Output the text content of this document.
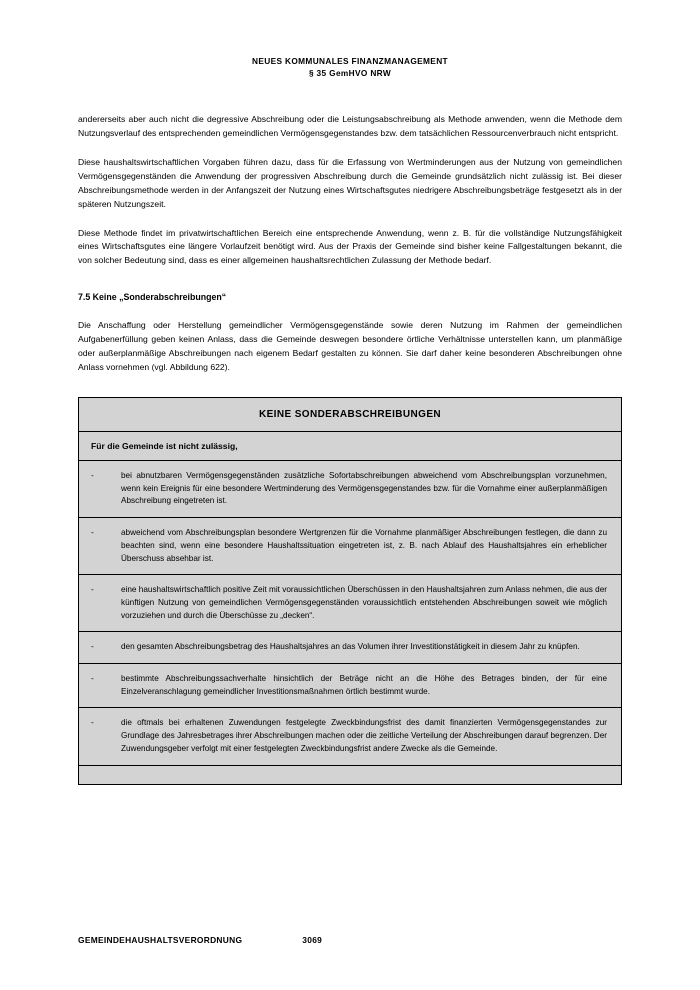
NEUES KOMMUNALES FINANZMANAGEMENT
§ 35 GemHVO NRW

andererseits aber auch nicht die degressive Abschreibung oder die Leistungsabschreibung als Methode anwenden, wenn die Methode dem Nutzungsverlauf des entsprechenden gemeindlichen Vermögensgegenstandes bzw. dem tatsächlichen Ressourcenverbrauch nicht entspricht.

Diese haushaltswirtschaftlichen Vorgaben führen dazu, dass für die Erfassung von Wertminderungen aus der Nutzung von gemeindlichen Vermögensgegenständen die Anwendung der progressiven Abschreibung durch die Gemeinde grundsätzlich nicht zulässig ist. Bei dieser Abschreibungsmethode werden in der Anfangszeit der Nutzung eines Wirtschaftsgutes niedrigere Abschreibungsbeträge festgesetzt als in der späteren Nutzungszeit.

Diese Methode findet im privatwirtschaftlichen Bereich eine entsprechende Anwendung, wenn z. B. für die vollständige Nutzungsfähigkeit eines Wirtschaftsgutes eine längere Vorlaufzeit benötigt wird. Aus der Praxis der Gemeinde sind bisher keine Fallgestaltungen bekannt, die von solcher Bedeutung sind, dass es einer allgemeinen haushaltsrechtlichen Zulassung der Methode bedarf.

7.5 Keine „Sonderabschreibungen“

Die Anschaffung oder Herstellung gemeindlicher Vermögensgegenstände sowie deren Nutzung im Rahmen der gemeindlichen Aufgabenerfüllung geben keinen Anlass, dass die Gemeinde deswegen besondere örtliche Verhältnisse unterstellen kann, um planmäßige oder außerplanmäßige Abschreibungen nach eigenem Bedarf gestalten zu können. Sie darf daher keine besonderen Abschreibungen ohne Anlass vornehmen (vgl. Abbildung 622).

KEINE SONDERABSCHREIBUNGEN
Für die Gemeinde ist nicht zulässig,
-	bei abnutzbaren Vermögensgegenständen zusätzliche Sofortabschreibungen abweichend vom Abschreibungsplan vorzunehmen, wenn kein Ereignis für eine besondere Wertminderung des Vermögensgegenstandes bzw. für die Vornahme einer außerplanmäßigen Abschreibung eingetreten ist.
-	abweichend vom Abschreibungsplan besondere Wertgrenzen für die Vornahme planmäßiger Abschreibungen festlegen, die dann zu beachten sind, wenn eine besondere Haushaltssituation eingetreten ist, z. B. nach Ablauf des Haushaltsjahres ein erheblicher Überschuss absehbar ist.
-	eine haushaltswirtschaftlich positive Zeit mit voraussichtlichen Überschüssen in den Haushaltsjahren zum Anlass nehmen, die aus der künftigen Nutzung von gemeindlichen Vermögensgegenständen voraussichtlich entstehenden Abschreibungen soweit wie möglich vorzuziehen und durch die Überschüsse zu „decken“.
-	den gesamten Abschreibungsbetrag des Haushaltsjahres an das Volumen ihrer Investitionstätigkeit in diesem Jahr zu knüpfen.
-	bestimmte Abschreibungssachverhalte hinsichtlich der Beträge nicht an die Höhe des Betrages binden, der für eine Einzelveranschlagung gemeindlicher Investitionsmaßnahmen örtlich bestimmt wurde.
-	die oftmals bei erhaltenen Zuwendungen festgelegte Zweckbindungsfrist des damit finanzierten Vermögensgegenstandes zur Grundlage des Jahresbetrages ihrer Abschreibungen machen oder die zeitliche Verteilung der Abschreibungen darauf begrenzen. Der Zuwendungsgeber verfolgt mit einer festgelegten Zweckbindungsfrist andere Zwecke als die Gemeinde.
GEMEINDEHAUSHALTSVERORDNUNG	3069
